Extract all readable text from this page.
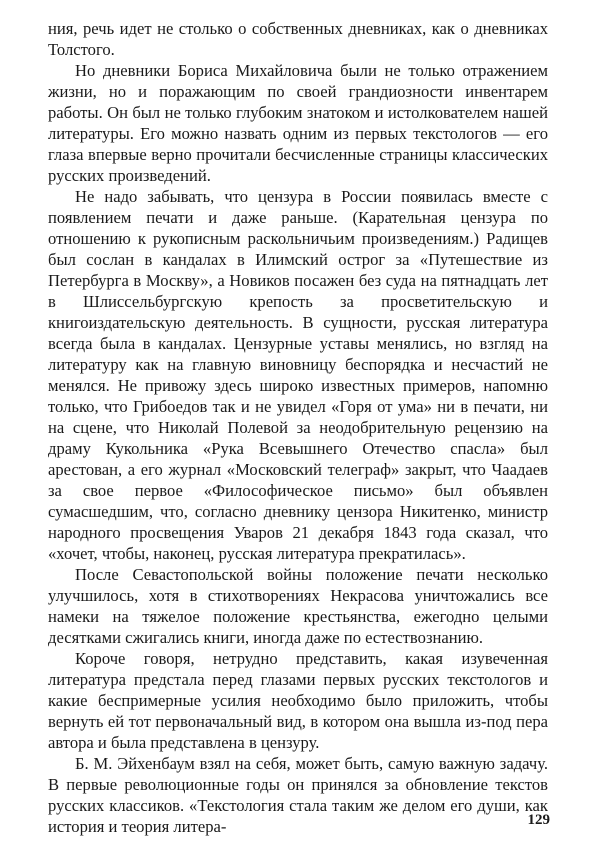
ния, речь идет не столько о собственных дневниках, как о дневниках Толстого.

Но дневники Бориса Михайловича были не только отражением жизни, но и поражающим по своей грандиозности инвентарем работы. Он был не только глубоким знатоком и истолкователем нашей литературы. Его можно назвать одним из первых текстологов — его глаза впервые верно прочитали бесчисленные страницы классических русских произведений.

Не надо забывать, что цензура в России появилась вместе с появлением печати и даже раньше. (Карательная цензура по отношению к рукописным раскольничьим произведениям.) Радищев был сослан в кандалах в Илимский острог за «Путешествие из Петербурга в Москву», а Новиков посажен без суда на пятнадцать лет в Шлиссельбургскую крепость за просветительскую и книгоиздательскую деятельность. В сущности, русская литература всегда была в кандалах. Цензурные уставы менялись, но взгляд на литературу как на главную виновницу беспорядка и несчастий не менялся. Не привожу здесь широко известных примеров, напомню только, что Грибоедов так и не увидел «Горя от ума» ни в печати, ни на сцене, что Николай Полевой за неодобрительную рецензию на драму Кукольника «Рука Всевышнего Отечество спасла» был арестован, а его журнал «Московский телеграф» закрыт, что Чаадаев за свое первое «Философическое письмо» был объявлен сумасшедшим, что, согласно дневнику цензора Никитенко, министр народного просвещения Уваров 21 декабря 1843 года сказал, что «хочет, чтобы, наконец, русская литература прекратилась».

После Севастопольской войны положение печати несколько улучшилось, хотя в стихотворениях Некрасова уничтожались все намеки на тяжелое положение крестьянства, ежегодно целыми десятками сжигались книги, иногда даже по естествознанию.

Короче говоря, нетрудно представить, какая изувеченная литература предстала перед глазами первых русских текстологов и какие беспримерные усилия необходимо было приложить, чтобы вернуть ей тот первоначальный вид, в котором она вышла из-под пера автора и была представлена в цензуру.

Б. М. Эйхенбаум взял на себя, может быть, самую важную задачу. В первые революционные годы он принялся за обновление текстов русских классиков. «Текстология стала таким же делом его души, как история и теория литера-	129
